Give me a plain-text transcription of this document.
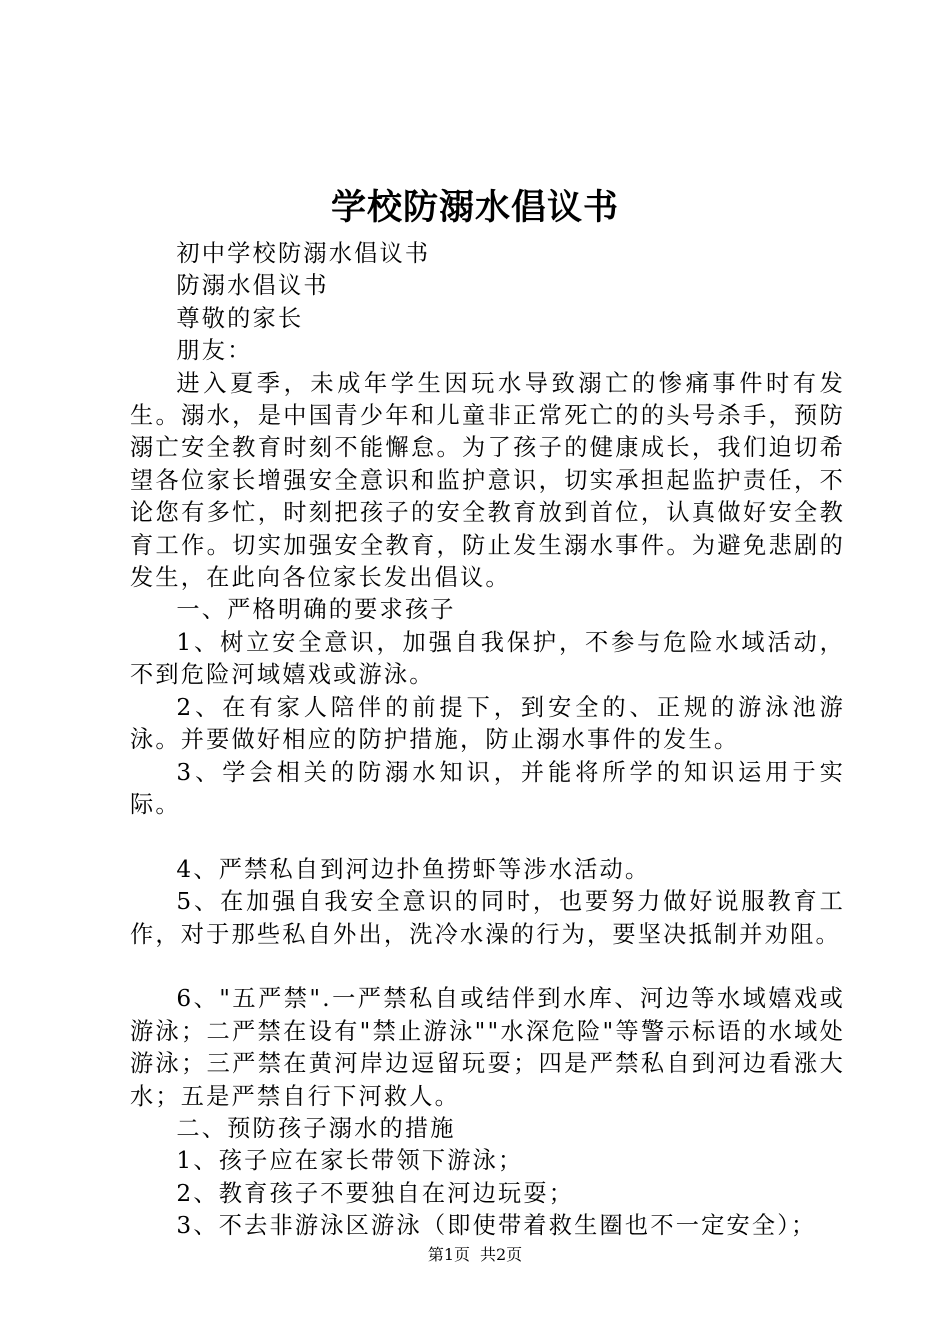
学校防溺水倡议书

初中学校防溺水倡议书

防溺水倡议书

尊敬的家长

朋友：

进入夏季，未成年学生因玩水导致溺亡的惨痛事件时有发生。溺水，是中国青少年和儿童非正常死亡的的头号杀手，预防溺亡安全教育时刻不能懈怠。为了孩子的健康成长，我们迫切希望各位家长增强安全意识和监护意识，切实承担起监护责任，不论您有多忙，时刻把孩子的安全教育放到首位，认真做好安全教育工作。切实加强安全教育，防止发生溺水事件。为避免悲剧的发生，在此向各位家长发出倡议。

一、严格明确的要求孩子

1、树立安全意识，加强自我保护，不参与危险水域活动，不到危险河域嬉戏或游泳。

2、在有家人陪伴的前提下，到安全的、正规的游泳池游泳。并要做好相应的防护措施，防止溺水事件的发生。

3、学会相关的防溺水知识，并能将所学的知识运用于实际。

4、严禁私自到河边扑鱼捞虾等涉水活动。

5、在加强自我安全意识的同时，也要努力做好说服教育工作，对于那些私自外出，洗冷水澡的行为，要坚决抵制并劝阻。

6、"五严禁".一严禁私自或结伴到水库、河边等水域嬉戏或游泳；二严禁在设有"禁止游泳""水深危险"等警示标语的水域处游泳；三严禁在黄河岸边逗留玩耍；四是严禁私自到河边看涨大水；五是严禁自行下河救人。

二、预防孩子溺水的措施

1、孩子应在家长带领下游泳；

2、教育孩子不要独自在河边玩耍；

3、不去非游泳区游泳（即使带着救生圈也不一定安全）；

第1页 共2页
